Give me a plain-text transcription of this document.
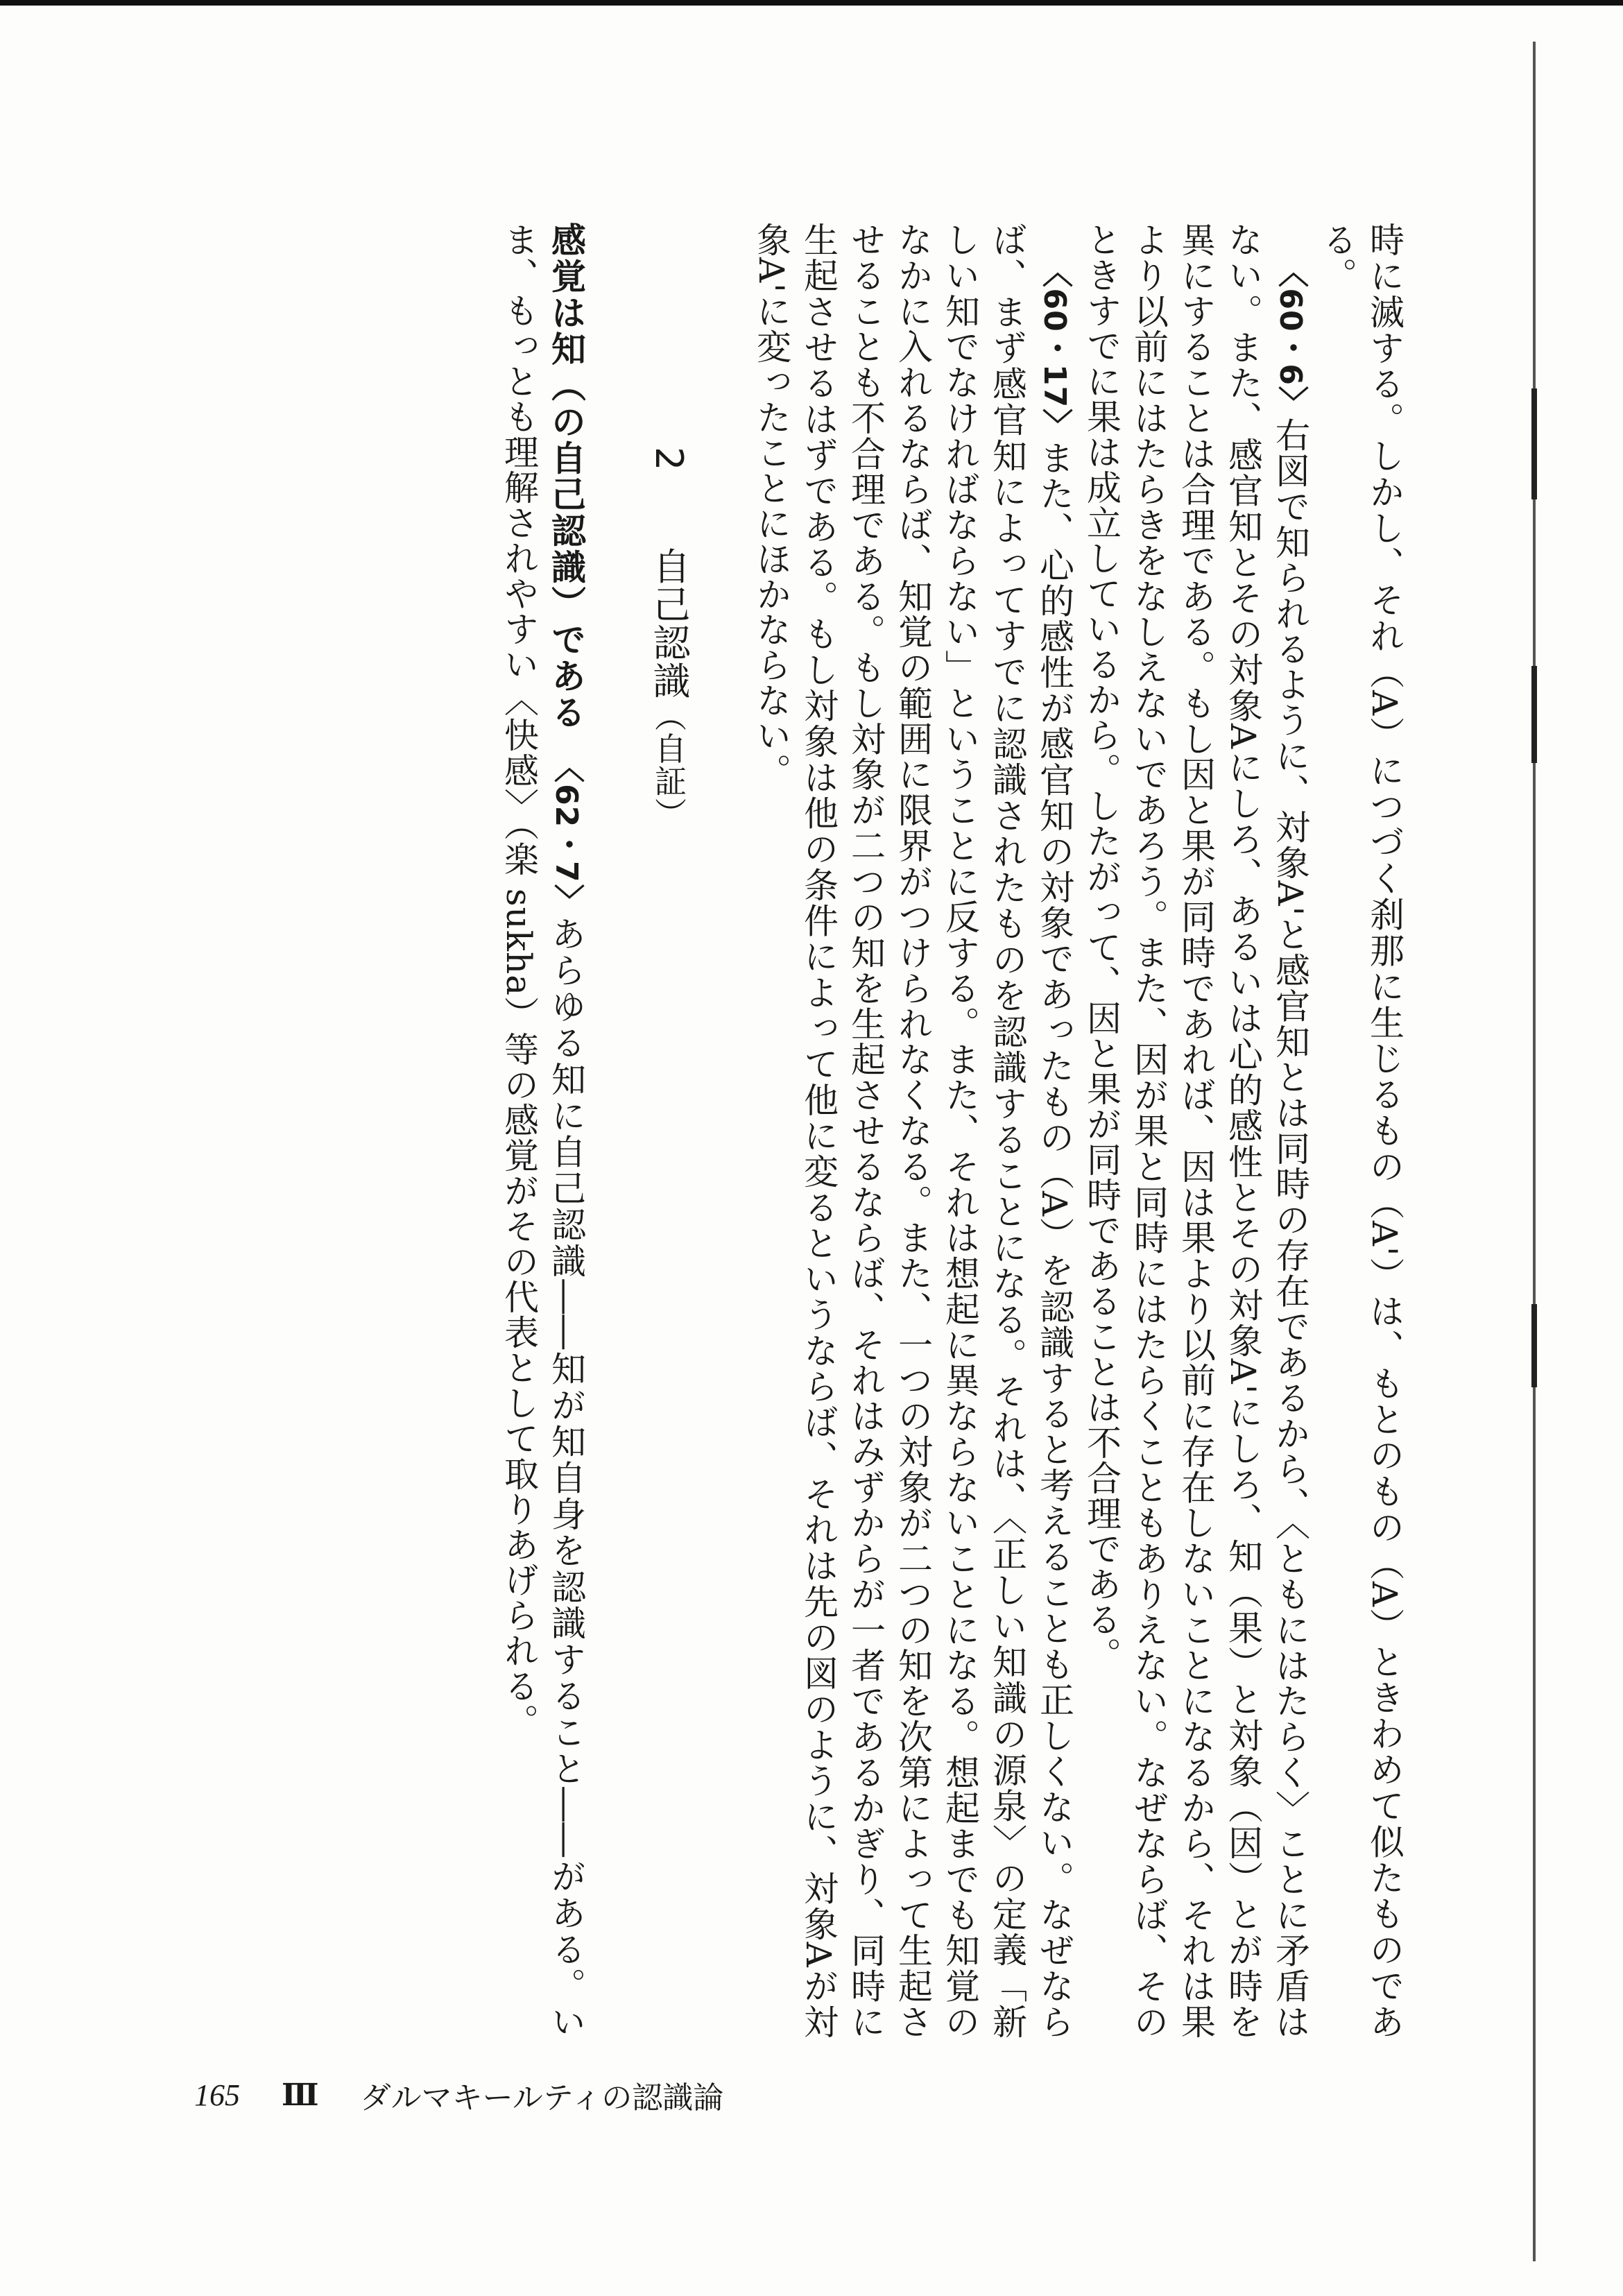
時に滅する。しかし、それ（A）につづく刹那に生じるもの（A'）は、もとのもの（A）ときわめて似たものである。

〈60・6〉右図で知られるように、対象A'と感官知とは同時の存在であるから、〈ともにはたらく〉ことに矛盾はない。また、感官知とその対象Aにしろ、あるいは心的感性とその対象A'にしろ、知（果）と対象（因）とが時を異にすることは合理である。もし因と果が同時であれば、因は果より以前に存在しないことになるから、それは果より以前にはたらきをなしえないであろう。また、因が果と同時にはたらくこともありえない。なぜならば、そのときすでに果は成立しているから。したがって、因と果が同時であることは不合理である。

〈60・17〉また、心的感性が感官知の対象であったもの（A）を認識すると考えることも正しくない。なぜならば、まず感官知によってすでに認識されたものを認識することになる。それは、〈正しい知識の源泉〉の定義「新しい知でなければならない」ということに反する。また、それは想起に異ならないことになる。想起までも知覚のなかに入れるならば、知覚の範囲に限界がつけられなくなる。また、一つの対象が二つの知を次第によって生起させることも不合理である。もし対象が二つの知を生起させるならば、それはみずからが一者であるかぎり、同時に生起させるはずである。もし対象は他の条件によって他に変るというならば、それは先の図のように、対象Aが対象A'に変ったことにほかならない。

2　自己認識（自証）

感覚は知（の自己認識）である　〈62・7〉あらゆる知に自己認識――知が知自身を認識すること――がある。いま、もっとも理解されやすい〈快感〉（楽 sukha）等の感覚がその代表として取りあげられる。

165 Ⅲ ダルマキールティの認識論
